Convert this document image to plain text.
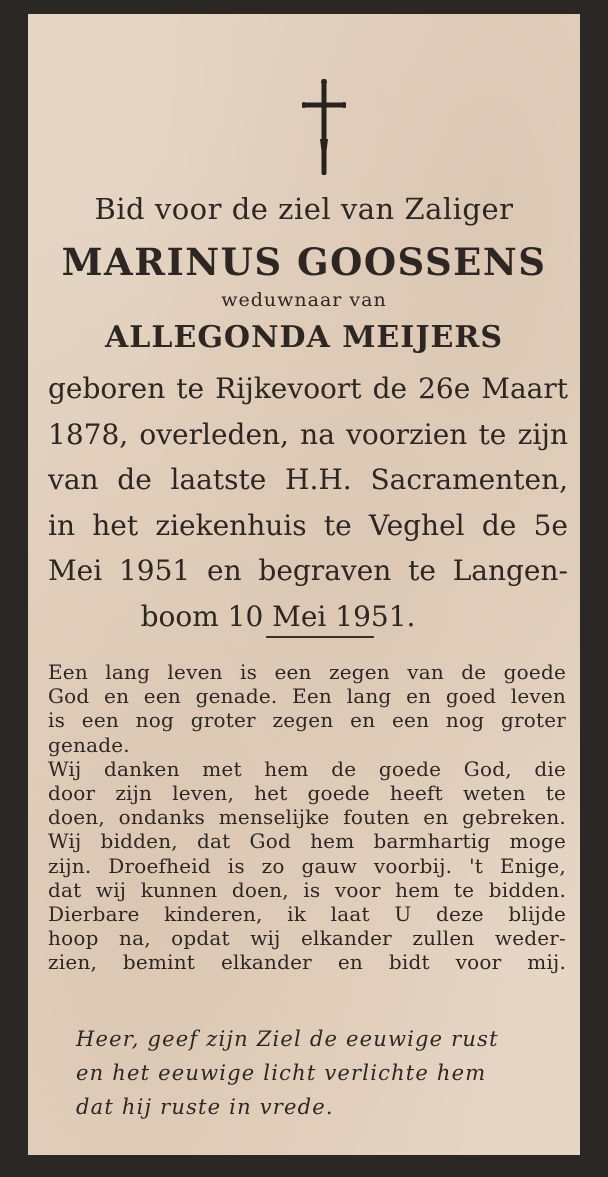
Bid voor de ziel van Zaliger
MARINUS GOOSSENS
weduwnaar van
ALLEGONDA MEIJERS
geboren te Rijkevoort de 26e Maart
1878, overleden, na voorzien te zijn
van de laatste H.H. Sacramenten,
in het ziekenhuis te Veghel de 5e
Mei 1951 en begraven te Langen-
boom 10 Mei 1951.
Een lang leven is een zegen van de goede
God en een genade. Een lang en goed leven
is een nog groter zegen en een nog groter
genade.
Wij danken met hem de goede God, die
door zijn leven, het goede heeft weten te
doen, ondanks menselijke fouten en gebreken.
Wij bidden, dat God hem barmhartig moge
zijn. Droefheid is zo gauw voorbij. 't Enige,
dat wij kunnen doen, is voor hem te bidden.
Dierbare kinderen, ik laat U deze blijde
hoop na, opdat wij elkander zullen weder-
zien, bemint elkander en bidt voor mij.
Heer, geef zijn Ziel de eeuwige rust
en het eeuwige licht verlichte hem
dat hij ruste in vrede.
